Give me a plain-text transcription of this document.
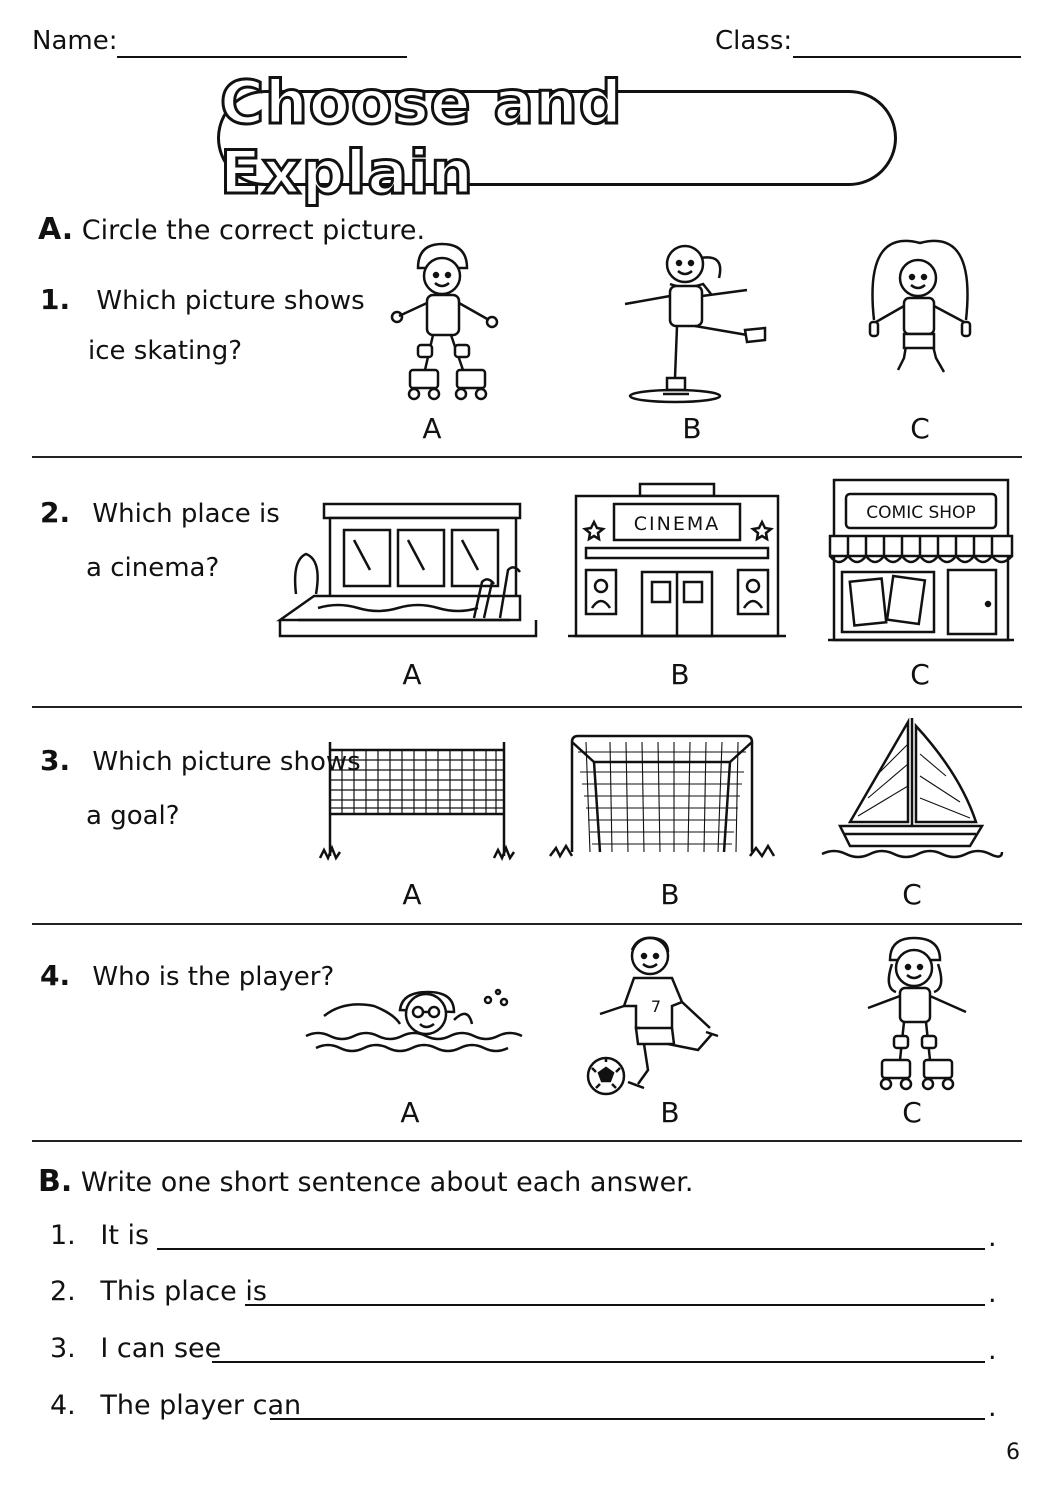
Name:	Class:
Choose and Explain
A. Circle the correct picture.
1. Which picture shows
ice skating?
A	B	C
2. Which place is
a cinema?
A
CINEMA
B
COMIC SHOP
C
3. Which picture shows
a goal?
A	B	C
4. Who is the player?
A
7
B	C
B. Write one short sentence about each answer.
1. It is	.
2. This place is	.
3. I can see	.
4. The player can	.
6
